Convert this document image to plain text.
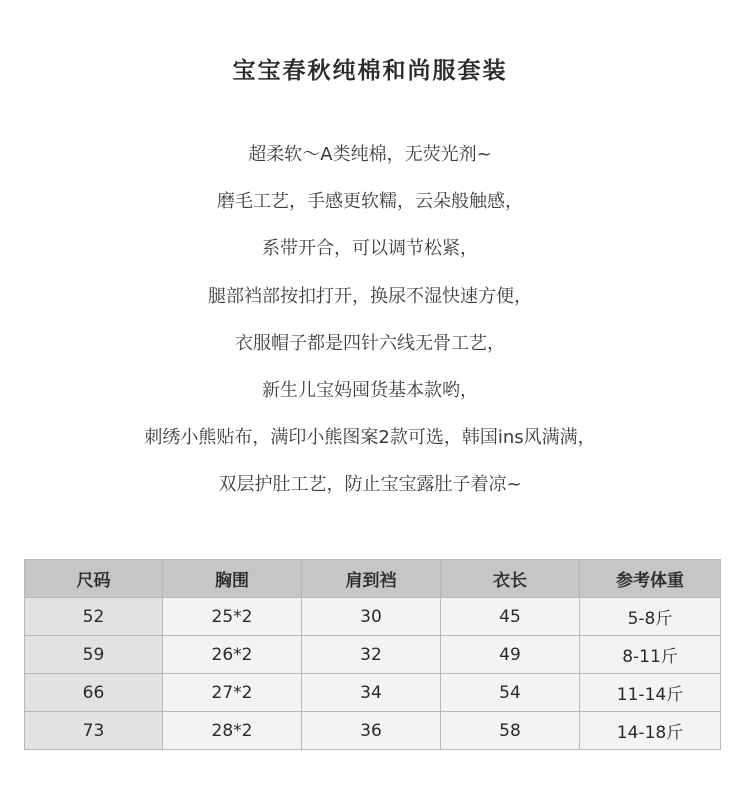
宝宝春秋纯棉和尚服套装
超柔软～A类纯棉，无荧光剂~
磨毛工艺，手感更软糯，云朵般触感，
系带开合，可以调节松紧，
腿部裆部按扣打开，换尿不湿快速方便，
衣服帽子都是四针六线无骨工艺，
新生儿宝妈囤货基本款哟，
刺绣小熊贴布，满印小熊图案2款可选，韩国ins风满满，
双层护肚工艺，防止宝宝露肚子着凉~
尺码	胸围	肩到裆	衣长	参考体重
52	25*2	30	45	5-8斤
59	26*2	32	49	8-11斤
66	27*2	34	54	11-14斤
73	28*2	36	58	14-18斤
